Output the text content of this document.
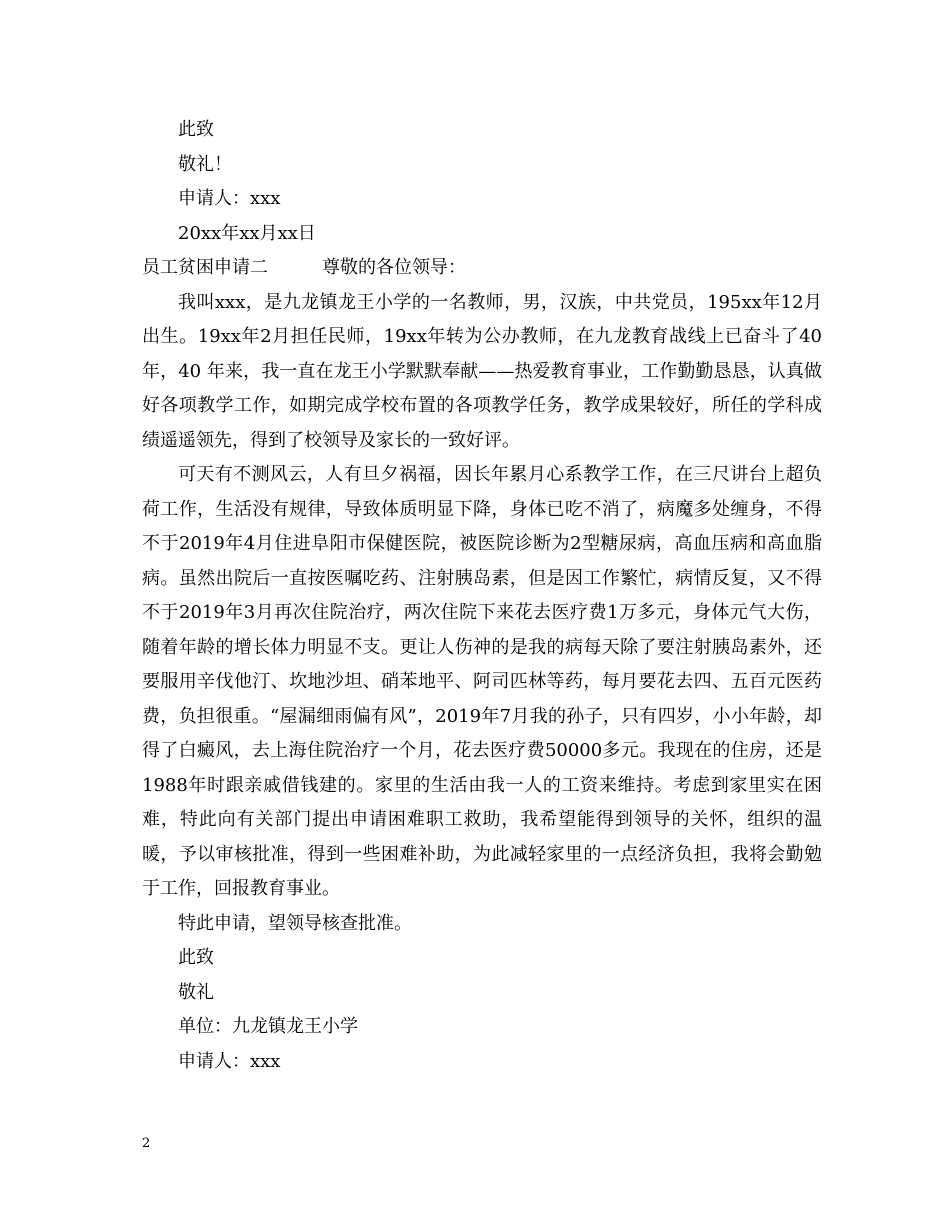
此致
敬礼！
申请人：xxx
20xx年xx月xx日
员工贫困申请二	尊敬的各位领导：

我叫xxx，是九龙镇龙王小学的一名教师，男，汉族，中共党员，195xx年12月出生。19xx年2月担任民师，19xx年转为公办教师，在九龙教育战线上已奋斗了40年，40 年来，我一直在龙王小学默默奉献——热爱教育事业，工作勤勤恳恳，认真做好各项教学工作，如期完成学校布置的各项教学任务，教学成果较好，所任的学科成绩遥遥领先，得到了校领导及家长的一致好评。

可天有不测风云，人有旦夕祸福，因长年累月心系教学工作，在三尺讲台上超负荷工作，生活没有规律，导致体质明显下降，身体已吃不消了，病魔多处缠身，不得不于2019年4月住进阜阳市保健医院，被医院诊断为2型糖尿病，高血压病和高血脂病。虽然出院后一直按医嘱吃药、注射胰岛素，但是因工作繁忙，病情反复，又不得不于2019年3月再次住院治疗，两次住院下来花去医疗费1万多元，身体元气大伤，随着年龄的增长体力明显不支。更让人伤神的是我的病每天除了要注射胰岛素外，还要服用辛伐他汀、坎地沙坦、硝苯地平、阿司匹林等药，每月要花去四、五百元医药费，负担很重。“屋漏细雨偏有风”，2019年7月我的孙子，只有四岁，小小年龄，却得了白癜风，去上海住院治疗一个月，花去医疗费50000多元。我现在的住房，还是1988年时跟亲戚借钱建的。家里的生活由我一人的工资来维持。考虑到家里实在困难，特此向有关部门提出申请困难职工救助，我希望能得到领导的关怀，组织的温暖，予以审核批准，得到一些困难补助，为此减轻家里的一点经济负担，我将会勤勉于工作，回报教育事业。

特此申请，望领导核查批准。
此致
敬礼
单位：九龙镇龙王小学
申请人：xxx
2
